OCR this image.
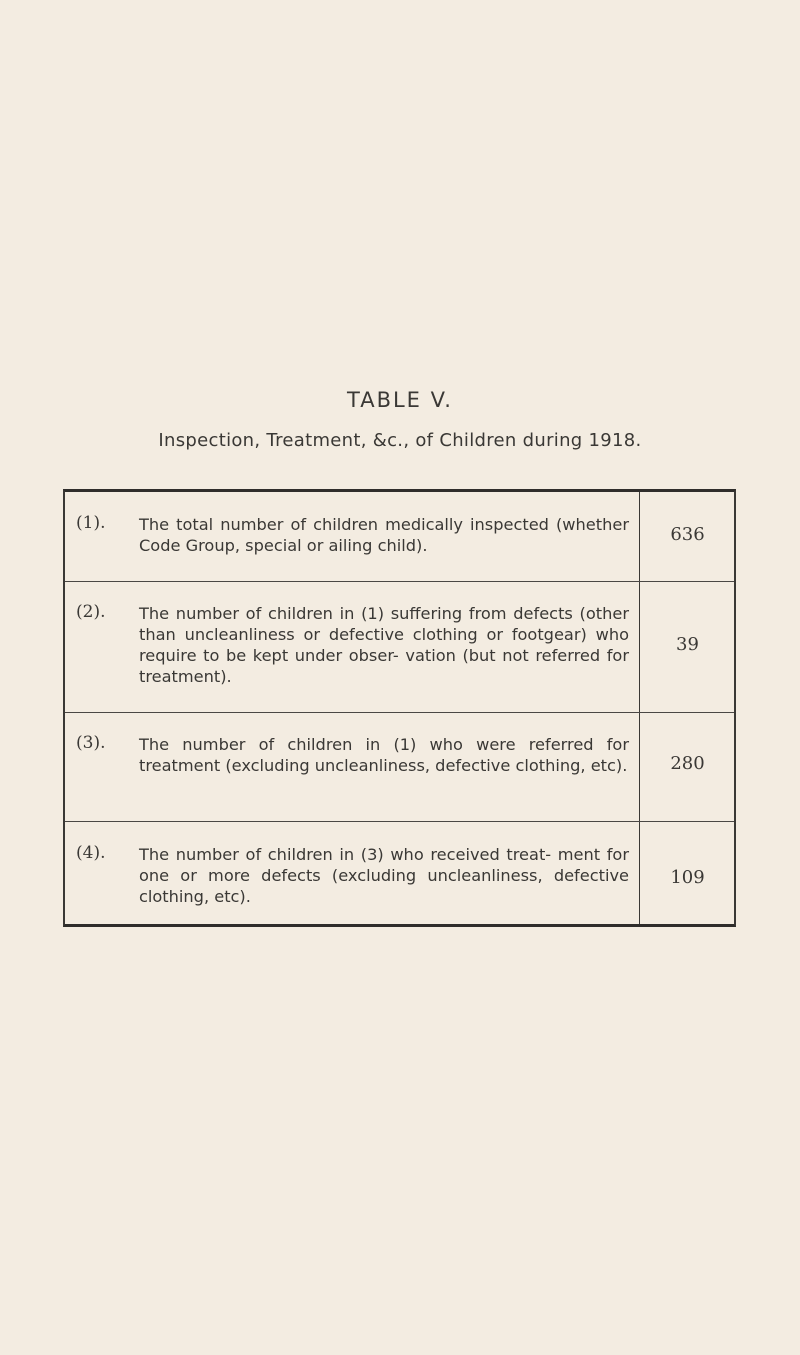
TABLE V.
Inspection, Treatment, &c., of Children during 1918.
(1). The total number of children medically inspected (whether Code Group, special or ailing child).
636
(2). The number of children in (1) suffering from defects (other than uncleanliness or defective clothing or footgear) who require to be kept under obser- vation (but not referred for treatment).
39
(3). The number of children in (1) who were referred for treatment (excluding uncleanliness, defective clothing, etc).	280
(4). The number of children in (3) who received treat- ment for one or more defects (excluding uncleanliness, defective clothing, etc).
109
